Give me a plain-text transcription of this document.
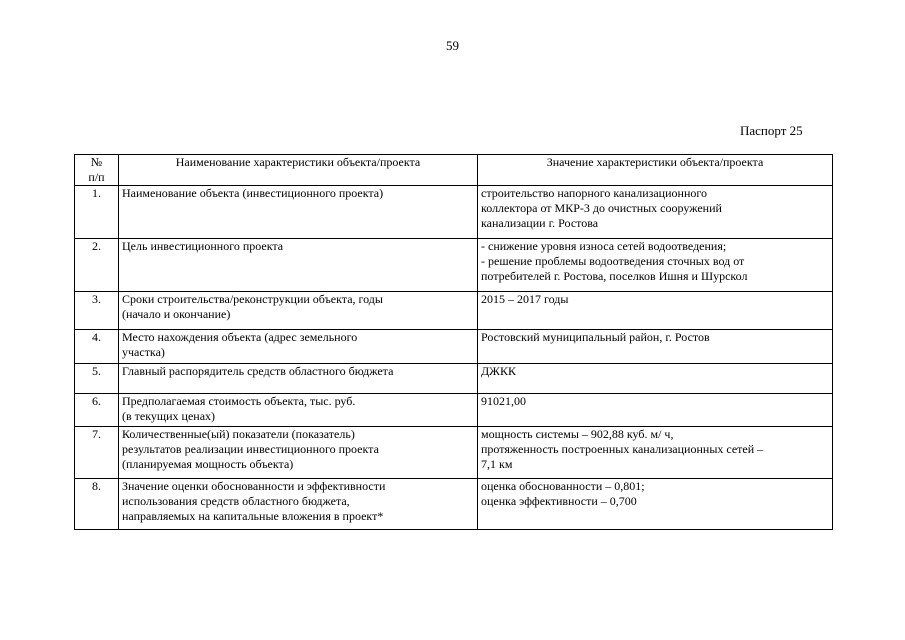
59
Паспорт 25
№
п/п	Наименование характеристики объекта/проекта	Значение характеристики объекта/проекта
1.	Наименование объекта (инвестиционного проекта)	строительство напорного канализационного
коллектора от МКР-3 до очистных сооружений
канализации г. Ростова

2.	Цель инвестиционного проекта	- снижение уровня износа сетей водоотведения;
- решение проблемы водоотведения сточных вод от
потребителей г. Ростова, поселков Ишня и Шурскол

3.	Сроки строительства/реконструкции объекта, годы
(начало и окончание)	2015 – 2017 годы

4.	Место нахождения объекта (адрес земельного
участка)	Ростовский муниципальный район, г. Ростов

5.	Главный распорядитель средств областного бюджета	ДЖКК

6.	Предполагаемая стоимость объекта, тыс. руб.
(в текущих ценах)	91021,00

7.	Количественные(ый) показатели (показатель)
результатов реализации инвестиционного проекта
(планируемая мощность объекта)	мощность системы – 902,88 куб. м/ ч,
протяженность построенных канализационных сетей –
7,1 км

8.	Значение оценки обоснованности и эффективности
использования средств областного бюджета,
направляемых на капитальные вложения в проект*	оценка обоснованности – 0,801;
оценка эффективности – 0,700
